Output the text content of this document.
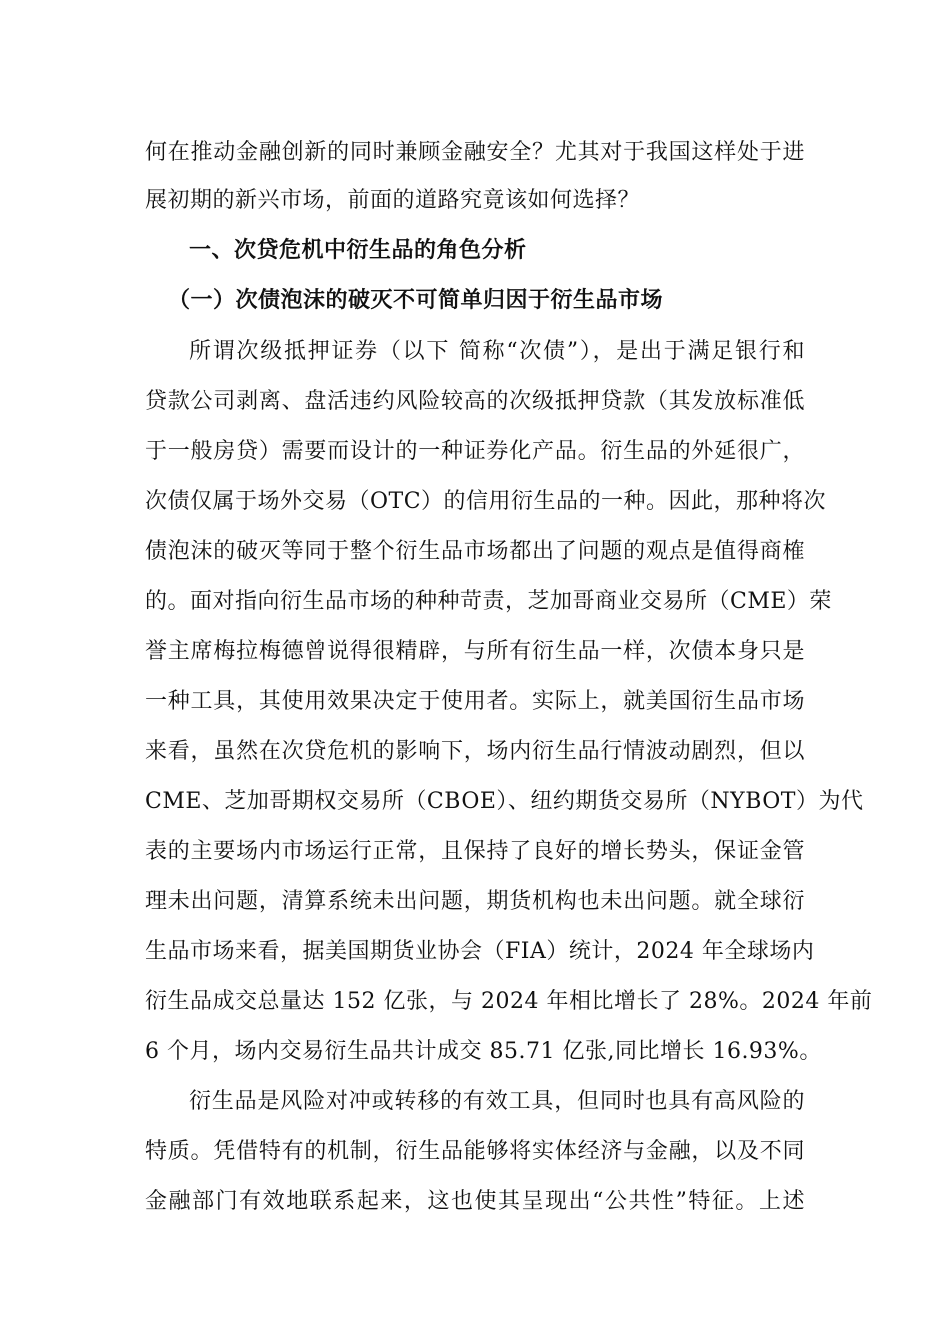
何在推动金融创新的同时兼顾金融安全？尤其对于我国这样处于进
展初期的新兴市场，前面的道路究竟该如何选择？
一、次贷危机中衍生品的角色分析
（一）次债泡沫的破灭不可简单归因于衍生品市场
所谓次级抵押证券（以下 简称“次债”），是出于满足银行和
贷款公司剥离、盘活违约风险较高的次级抵押贷款（其发放标准低
于一般房贷）需要而设计的一种证券化产品。衍生品的外延很广，
次债仅属于场外交易（OTC）的信用衍生品的一种。因此，那种将次
债泡沫的破灭等同于整个衍生品市场都出了问题的观点是值得商榷
的。面对指向衍生品市场的种种苛责，芝加哥商业交易所（CME）荣
誉主席梅拉梅德曾说得很精辟，与所有衍生品一样，次债本身只是
一种工具，其使用效果决定于使用者。实际上，就美国衍生品市场
来看，虽然在次贷危机的影响下，场内衍生品行情波动剧烈，但以
CME、芝加哥期权交易所（CBOE）、纽约期货交易所（NYBOT）为代
表的主要场内市场运行正常，且保持了良好的增长势头，保证金管
理未出问题，清算系统未出问题，期货机构也未出问题。就全球衍
生品市场来看，据美国期货业协会（FIA）统计，2024 年全球场内
衍生品成交总量达 152 亿张，与 2024 年相比增长了 28%。2024 年前
6 个月，场内交易衍生品共计成交 85.71 亿张,同比增长 16.93%。
衍生品是风险对冲或转移的有效工具，但同时也具有高风险的
特质。凭借特有的机制，衍生品能够将实体经济与金融，以及不同
金融部门有效地联系起来，这也使其呈现出“公共性”特征。上述
